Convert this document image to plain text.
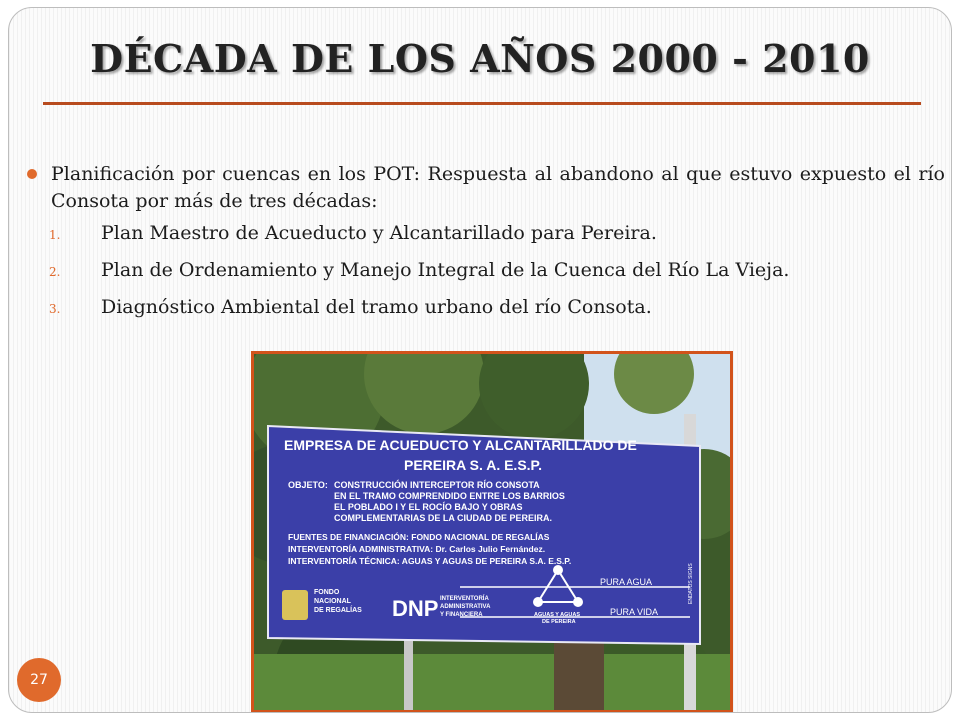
DÉCADA DE LOS AÑOS 2000 - 2010
Planificación por cuencas en los POT: Respuesta al abandono al que estuvo expuesto el río Consota por más de tres décadas:
1.	Plan Maestro de Acueducto y Alcantarillado para Pereira.
2.	Plan de Ordenamiento y Manejo Integral de la Cuenca del Río La Vieja.
3.	Diagnóstico Ambiental del tramo urbano del río Consota.
EMPRESA DE ACUEDUCTO Y ALCANTARILLADO DE
PEREIRA S. A. E.S.P.
OBJETO: CONSTRUCCIÓN INTERCEPTOR RÍO CONSOTA
EN EL TRAMO COMPRENDIDO ENTRE LOS BARRIOS
EL POBLADO I Y EL ROCÍO BAJO Y OBRAS
COMPLEMENTARIAS DE LA CIUDAD DE PEREIRA.
FUENTES DE FINANCIACIÓN: FONDO NACIONAL DE REGALÍAS
INTERVENTORÍA ADMINISTRATIVA: Dr. Carlos Julio Fernández.
INTERVENTORÍA TÉCNICA: AGUAS Y AGUAS DE PEREIRA S.A. E.S.P.
FONDO
NACIONAL
DE REGALÍAS DNP INTERVENTORÍA
ADMINISTRATIVA
Y FINANCIERA	AGUAS Y AGUAS
DE PEREIRA
PURA AGUA
PURA VIDA
ENDATOS SIGNS
27
